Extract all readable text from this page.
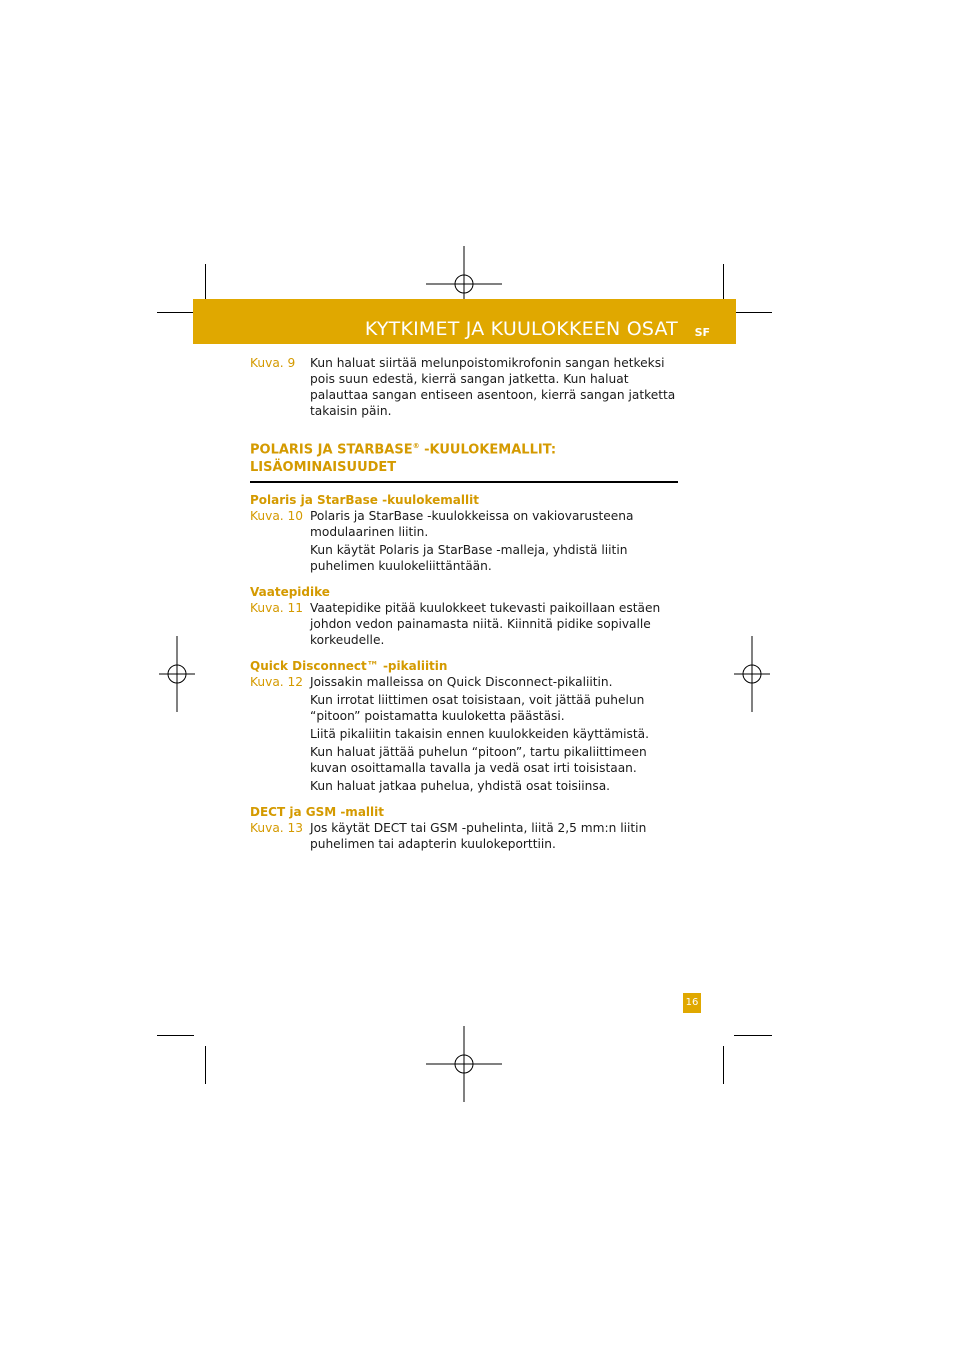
KYTKIMET JA KUULOKKEEN OSAT SF
Kuva. 9	Kun haluat siirtää melunpoistomikrofonin sangan hetkeksi pois suun edestä, kierrä sangan jatketta. Kun haluat palauttaa sangan entiseen asentoon, kierrä sangan jatketta takaisin päin.
POLARIS JA STARBASE® -KUULOKEMALLIT:
LISÄOMINAISUUDET
Polaris ja StarBase -kuulokemallit
Kuva. 10 Polaris ja StarBase -kuulokkeissa on vakiovarusteena modulaarinen liitin.
Kun käytät Polaris ja StarBase -malleja, yhdistä liitin puhelimen kuulokeliittäntään.
Vaatepidike
Kuva. 11 Vaatepidike pitää kuulokkeet tukevasti paikoillaan estäen johdon vedon painamasta niitä. Kiinnitä pidike sopivalle korkeudelle.
Quick Disconnect™ -pikaliitin
Kuva. 12 Joissakin malleissa on Quick Disconnect-pikaliitin.
Kun irrotat liittimen osat toisistaan, voit jättää puhelun “pitoon” poistamatta kuuloketta päästäsi.
Liitä pikaliitin takaisin ennen kuulokkeiden käyttämistä.
Kun haluat jättää puhelun “pitoon”, tartu pikaliittimeen kuvan osoittamalla tavalla ja vedä osat irti toisistaan.
Kun haluat jatkaa puhelua, yhdistä osat toisiinsa.
DECT ja GSM -mallit
Kuva. 13 Jos käytät DECT tai GSM -puhelinta, liitä 2,5 mm:n liitin puhelimen tai adapterin kuulokeporttiin.
16
